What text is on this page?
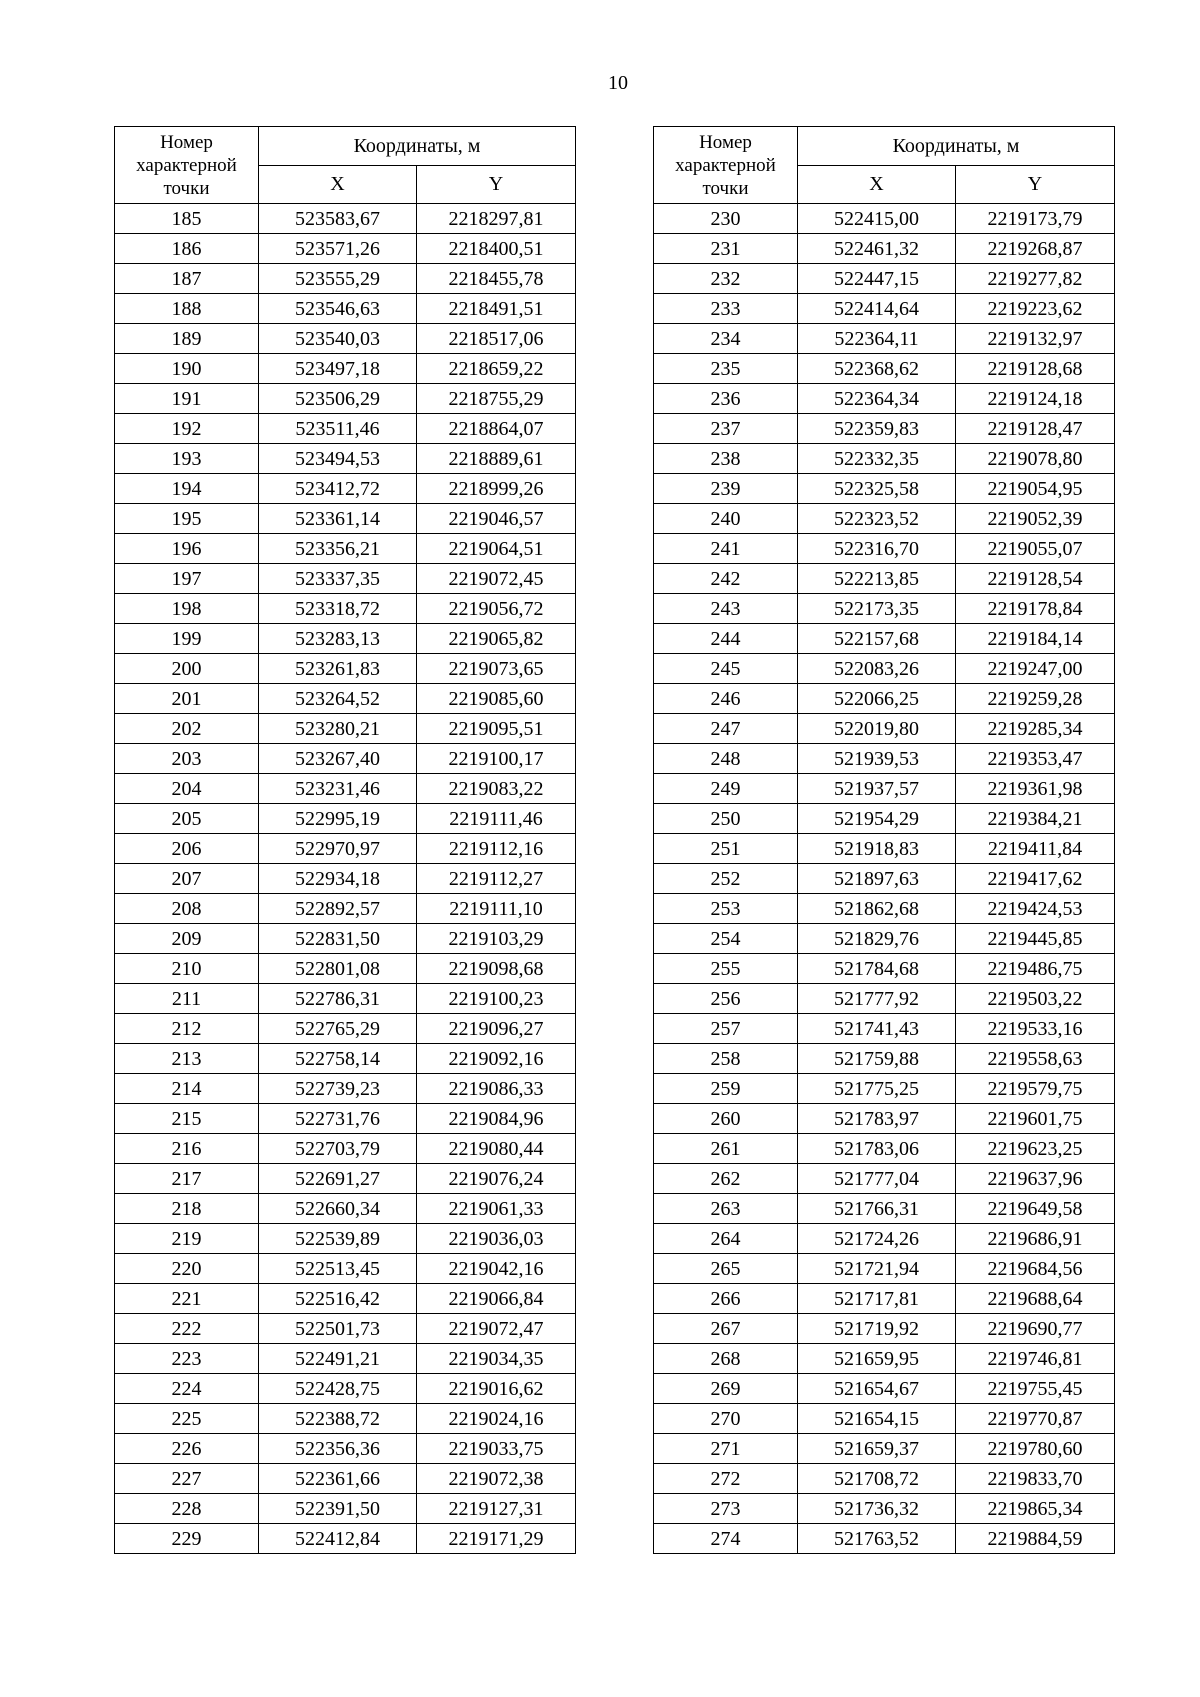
10
Номер характерной точки	Координаты, м	
	X	Y
185	523583,67	2218297,81
186	523571,26	2218400,51
187	523555,29	2218455,78
188	523546,63	2218491,51
189	523540,03	2218517,06
190	523497,18	2218659,22
191	523506,29	2218755,29
192	523511,46	2218864,07
193	523494,53	2218889,61
194	523412,72	2218999,26
195	523361,14	2219046,57
196	523356,21	2219064,51
197	523337,35	2219072,45
198	523318,72	2219056,72
199	523283,13	2219065,82
200	523261,83	2219073,65
201	523264,52	2219085,60
202	523280,21	2219095,51
203	523267,40	2219100,17
204	523231,46	2219083,22
205	522995,19	2219111,46
206	522970,97	2219112,16
207	522934,18	2219112,27
208	522892,57	2219111,10
209	522831,50	2219103,29
210	522801,08	2219098,68
211	522786,31	2219100,23
212	522765,29	2219096,27
213	522758,14	2219092,16
214	522739,23	2219086,33
215	522731,76	2219084,96
216	522703,79	2219080,44
217	522691,27	2219076,24
218	522660,34	2219061,33
219	522539,89	2219036,03
220	522513,45	2219042,16
221	522516,42	2219066,84
222	522501,73	2219072,47
223	522491,21	2219034,35
224	522428,75	2219016,62
225	522388,72	2219024,16
226	522356,36	2219033,75
227	522361,66	2219072,38
228	522391,50	2219127,31
229	522412,84	2219171,29
Номер характерной точки	Координаты, м	
	X	Y
230	522415,00	2219173,79
231	522461,32	2219268,87
232	522447,15	2219277,82
233	522414,64	2219223,62
234	522364,11	2219132,97
235	522368,62	2219128,68
236	522364,34	2219124,18
237	522359,83	2219128,47
238	522332,35	2219078,80
239	522325,58	2219054,95
240	522323,52	2219052,39
241	522316,70	2219055,07
242	522213,85	2219128,54
243	522173,35	2219178,84
244	522157,68	2219184,14
245	522083,26	2219247,00
246	522066,25	2219259,28
247	522019,80	2219285,34
248	521939,53	2219353,47
249	521937,57	2219361,98
250	521954,29	2219384,21
251	521918,83	2219411,84
252	521897,63	2219417,62
253	521862,68	2219424,53
254	521829,76	2219445,85
255	521784,68	2219486,75
256	521777,92	2219503,22
257	521741,43	2219533,16
258	521759,88	2219558,63
259	521775,25	2219579,75
260	521783,97	2219601,75
261	521783,06	2219623,25
262	521777,04	2219637,96
263	521766,31	2219649,58
264	521724,26	2219686,91
265	521721,94	2219684,56
266	521717,81	2219688,64
267	521719,92	2219690,77
268	521659,95	2219746,81
269	521654,67	2219755,45
270	521654,15	2219770,87
271	521659,37	2219780,60
272	521708,72	2219833,70
273	521736,32	2219865,34
274	521763,52	2219884,59
